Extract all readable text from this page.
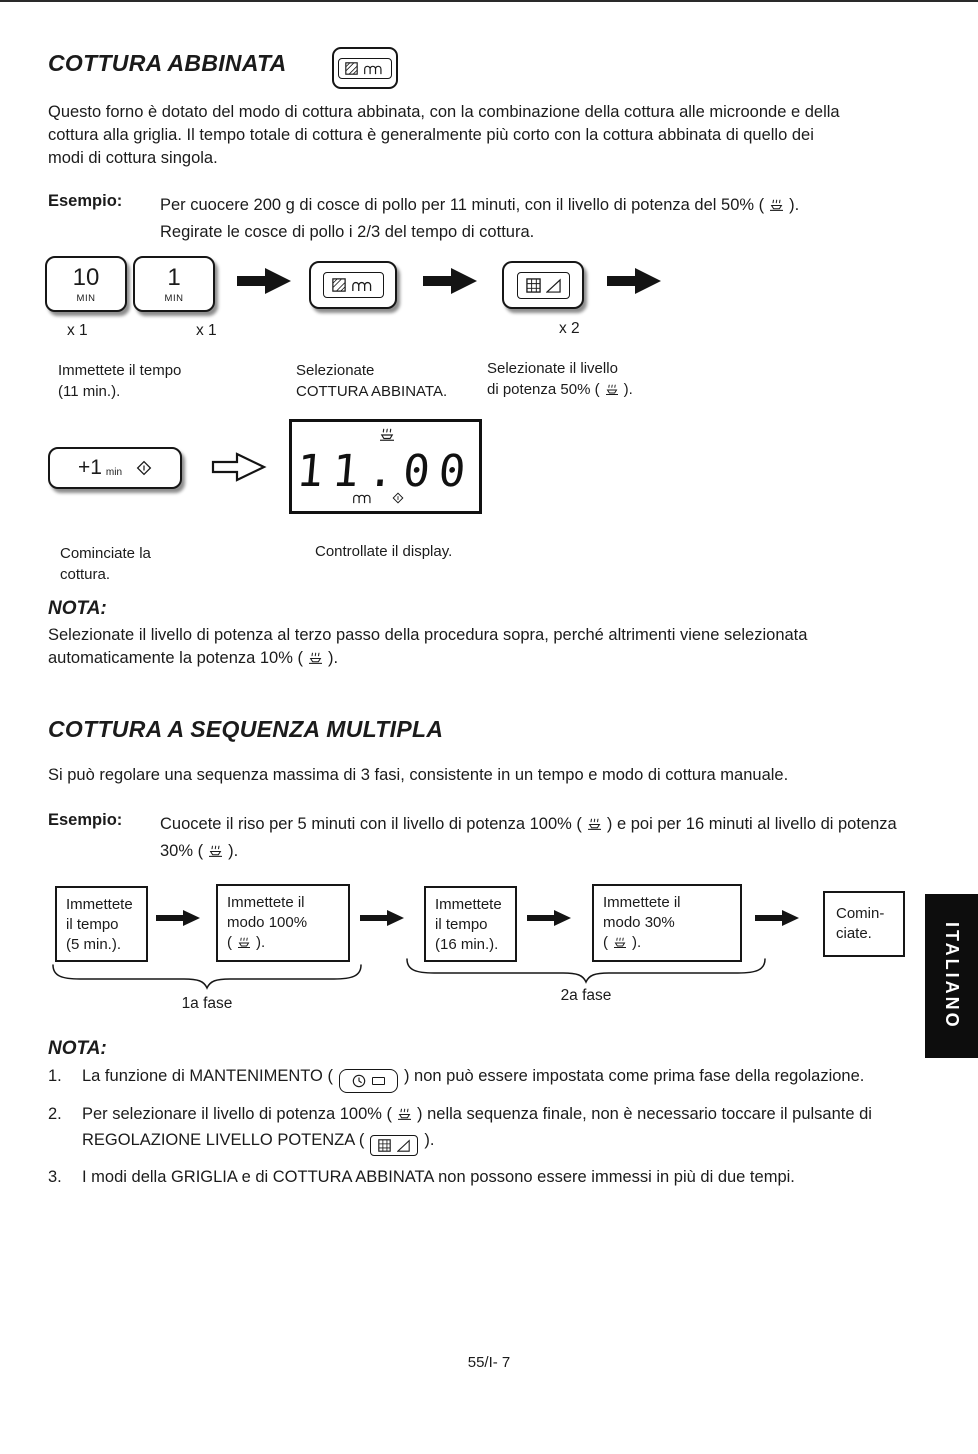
COTTURA ABBINATA
Questo forno è dotato del modo di cottura abbinata, con la combinazione della cottura alle microonde e della cottura alla griglia. Il tempo totale di cottura è generalmente più corto con la cottura abbinata di quello dei modi di cottura singola.
Esempio: Per cuocere 200 g di cosce di pollo per 11 minuti, con il livello di potenza del 50% ( ).
Regirate le cosce di pollo i 2/3 del tempo di cottura.
10
MIN
1
MIN
x 1	x 1	x 2
Immettete il tempo
(11 min.).
Selezionate
COTTURA ABBINATA.
Selezionate il livello
di potenza 50% ( ).
+1 min	11.00
Cominciate la
cottura.
Controllate il display.
NOTA:
Selezionate il livello di potenza al terzo passo della procedura sopra, perché altrimenti viene selezionata automaticamente la potenza 10% ( ).
COTTURA A SEQUENZA MULTIPLA
Si può regolare una sequenza massima di 3 fasi, consistente in un tempo e modo di cottura manuale.
Esempio: Cuocete il riso per 5 minuti con il livello di potenza 100% ( ) e poi per 16 minuti al livello di potenza 30% ( ).
Immettete
il tempo
(5 min.).
Immettete il
modo 100%
( ).
Immettete
il tempo
(16 min.).
Immettete il
modo 30%
( ).
Comin-
ciate.
1a fase	2a fase	ITALIANO
NOTA:
1.	La funzione di MANTENIMENTO (	) non può essere impostata come prima fase della regolazione.
2.	Per selezionare il livello di potenza 100% ( ) nella sequenza finale, non è necessario toccare il pulsante di REGOLAZIONE LIVELLO POTENZA (	).
3.	I modi della GRIGLIA e di COTTURA ABBINATA non possono essere immessi in più di due tempi.
55/I- 7
